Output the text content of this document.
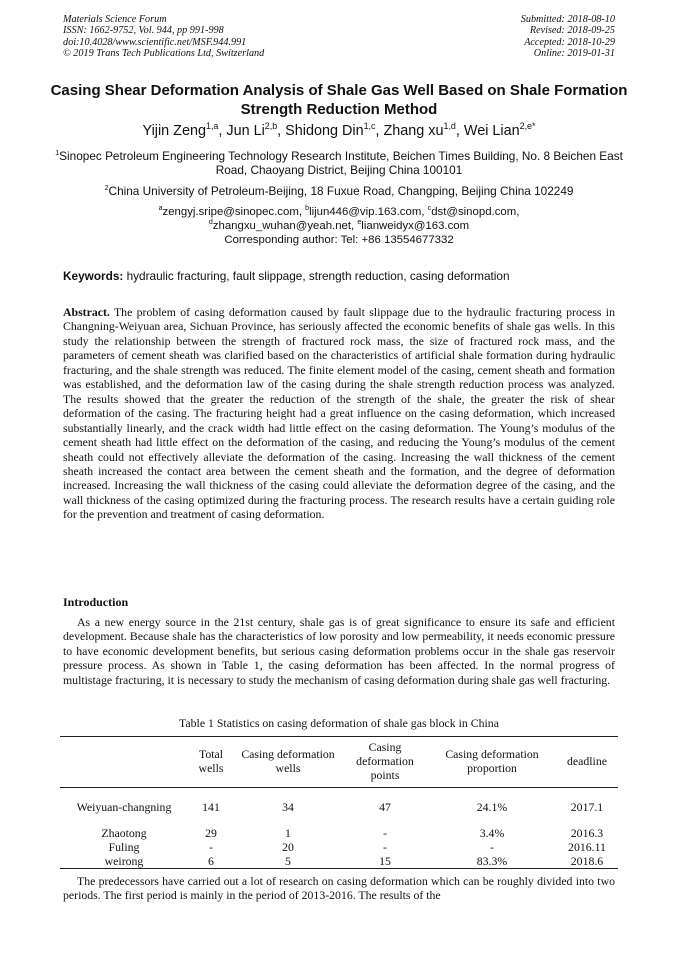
Materials Science Forum
ISSN: 1662-9752, Vol. 944, pp 991-998
doi:10.4028/www.scientific.net/MSF.944.991
© 2019 Trans Tech Publications Ltd, Switzerland
Submitted: 2018-08-10
Revised: 2018-09-25
Accepted: 2018-10-29
Online: 2019-01-31
Casing Shear Deformation Analysis of Shale Gas Well Based on Shale Formation Strength Reduction Method
Yijin Zeng$^{1,a}$, Jun Li$^{2,b}$, Shidong Din$^{1,c}$, Zhang xu$^{1,d}$, Wei Lian$^{2,e*}$
$^1$Sinopec Petroleum Engineering Technology Research Institute, Beichen Times Building, No. 8 Beichen East Road, Chaoyang District, Beijing China 100101
$^2$China University of Petroleum-Beijing, 18 Fuxue Road, Changping, Beijing China 102249
$^a$zengyj.sripe@sinopec.com, $^b$lijun446@vip.163.com, $^c$dst@sinopd.com,
$^d$zhangxu_wuhan@yeah.net, $^e$lianweidyx@163.com
Corresponding author: Tel: +86 13554677332
Keywords: hydraulic fracturing, fault slippage, strength reduction, casing deformation
Abstract. The problem of casing deformation caused by fault slippage due to the hydraulic fracturing process in Changning-Weiyuan area, Sichuan Province, has seriously affected the economic benefits of shale gas wells. In this study the relationship between the strength of fractured rock mass, the size of fractured rock mass, and the parameters of cement sheath was clarified based on the characteristics of artificial shale formation during hydraulic fracturing, and the shale strength was reduced. The finite element model of the casing, cement sheath and formation was established, and the deformation law of the casing during the shale strength reduction process was analyzed. The results showed that the greater the reduction of the strength of the shale, the greater the risk of shear deformation of the casing. The fracturing height had a great influence on the casing deformation, which increased substantially linearly, and the crack width had little effect on the casing deformation. The Young’s modulus of the cement sheath had little effect on the deformation of the casing, and reducing the Young’s modulus of the cement sheath could not effectively alleviate the deformation of the casing. Increasing the wall thickness of the cement sheath increased the contact area between the cement sheath and the formation, and the degree of deformation increased. Increasing the wall thickness of the casing could alleviate the deformation degree of the casing, and the wall thickness of the casing optimized during the fracturing process. The research results have a certain guiding role for the prevention and treatment of casing deformation.
Introduction
As a new energy source in the 21st century, shale gas is of great significance to ensure its safe and efficient development. Because shale has the characteristics of low porosity and low permeability, it needs economic pressure to have economic development benefits, but serious casing deformation problems occur in the shale gas reservoir pressure process. As shown in Table 1, the casing deformation has been affected. In the normal progress of multistage fracturing, it is necessary to study the mechanism of casing deformation during shale gas well fracturing.
Table 1 Statistics on casing deformation of shale gas block in China
	Total wells	Casing deformation wells	Casing deformation points	Casing deformation proportion	deadline
Weiyuan-changning	141	34	47	24.1%	2017.1
Zhaotong	29	1	-	3.4%	2016.3
Fuling	-	20	-	-	2016.11
weirong	6	5	15	83.3%	2018.6
The predecessors have carried out a lot of research on casing deformation which can be roughly divided into two periods. The first period is mainly in the period of 2013-2016. The results of the
